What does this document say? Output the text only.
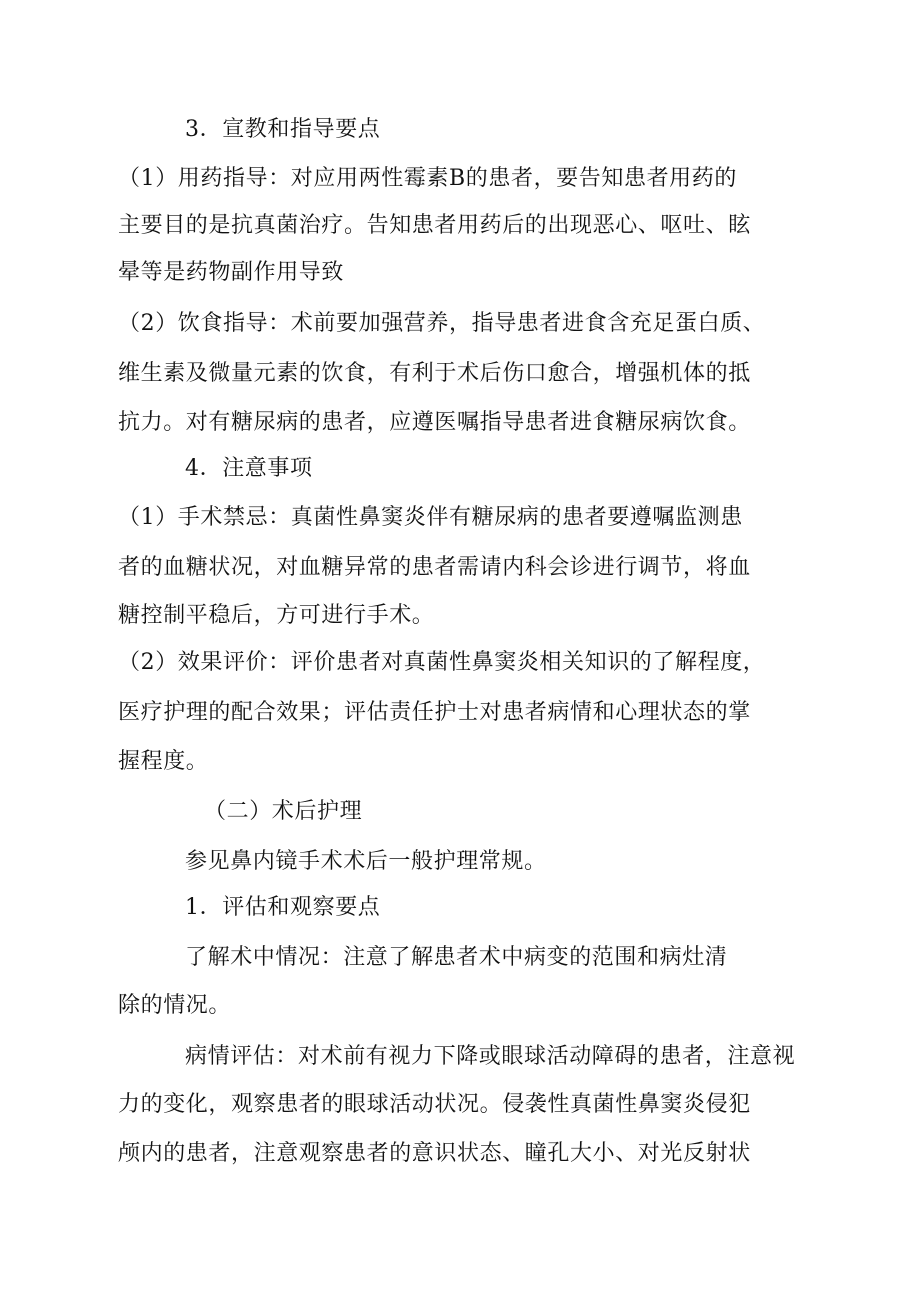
3．宣教和指导要点
（1）用药指导：对应用两性霉素B的患者，要告知患者用药的
主要目的是抗真菌治疗。告知患者用药后的出现恶心、呕吐、眩
晕等是药物副作用导致
（2）饮食指导：术前要加强营养，指导患者进食含充足蛋白质、
维生素及微量元素的饮食，有利于术后伤口愈合，增强机体的抵
抗力。对有糖尿病的患者，应遵医嘱指导患者进食糖尿病饮食。
4．注意事项
（1）手术禁忌：真菌性鼻窦炎伴有糖尿病的患者要遵嘱监测患
者的血糖状况，对血糖异常的患者需请内科会诊进行调节，将血
糖控制平稳后，方可进行手术。
（2）效果评价：评价患者对真菌性鼻窦炎相关知识的了解程度，
医疗护理的配合效果；评估责任护士对患者病情和心理状态的掌
握程度。
（二）术后护理
参见鼻内镜手术术后一般护理常规。
1．评估和观察要点
了解术中情况：注意了解患者术中病变的范围和病灶清
除的情况。
病情评估：对术前有视力下降或眼球活动障碍的患者，注意视
力的变化，观察患者的眼球活动状况。侵袭性真菌性鼻窦炎侵犯
颅内的患者，注意观察患者的意识状态、瞳孔大小、对光反射状
